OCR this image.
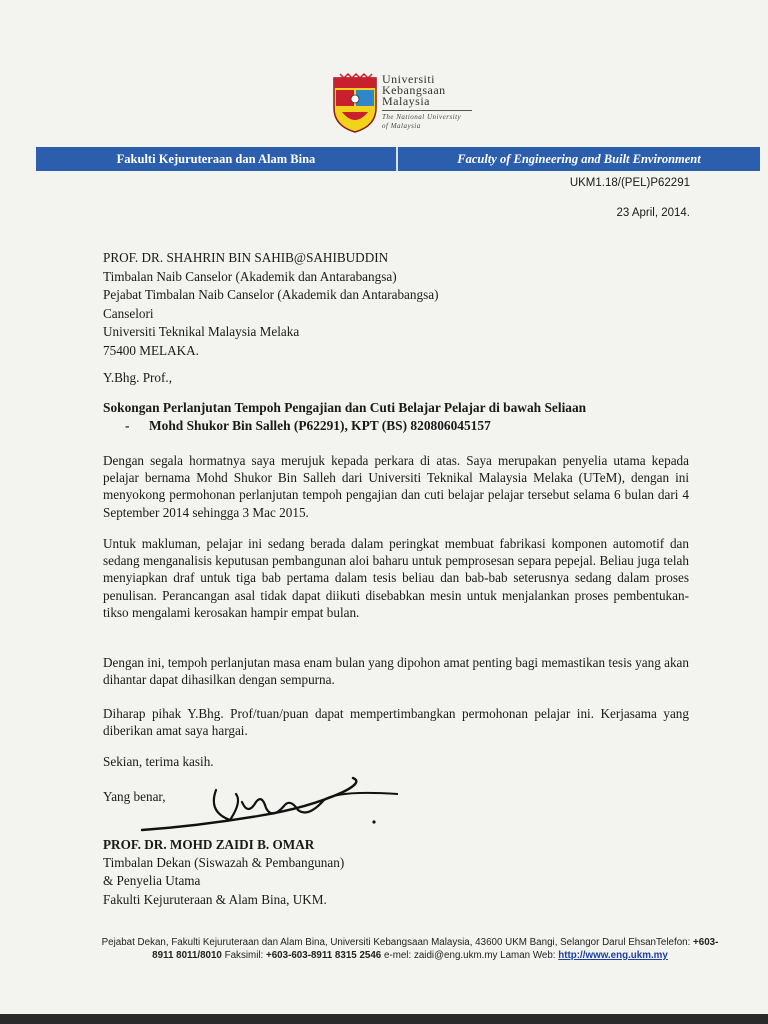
Universiti
Kebangsaan
Malaysia
The National University
of Malaysia
Fakulti Kejuruteraan dan Alam Bina	Faculty of Engineering and Built Environment
UKM1.18/(PEL)P62291
23 April, 2014.
PROF. DR. SHAHRIN BIN SAHIB@SAHIBUDDIN
Timbalan Naib Canselor (Akademik dan Antarabangsa)
Pejabat Timbalan Naib Canselor (Akademik dan Antarabangsa)
Canselori
Universiti Teknikal Malaysia Melaka
75400 MELAKA.
Y.Bhg. Prof.,
Sokongan Perlanjutan Tempoh Pengajian dan Cuti Belajar Pelajar di bawah Seliaan
- Mohd Shukor Bin Salleh (P62291), KPT (BS) 820806045157
Dengan segala hormatnya saya merujuk kepada perkara di atas. Saya merupakan penyelia utama kepada pelajar bernama Mohd Shukor Bin Salleh dari Universiti Teknikal Malaysia Melaka (UTeM), dengan ini menyokong permohonan perlanjutan tempoh pengajian dan cuti belajar pelajar tersebut selama 6 bulan dari 4 September 2014 sehingga 3 Mac 2015.
Untuk makluman, pelajar ini sedang berada dalam peringkat membuat fabrikasi komponen automotif dan sedang menganalisis keputusan pembangunan aloi baharu untuk pemprosesan separa pepejal. Beliau juga telah menyiapkan draf untuk tiga bab pertama dalam tesis beliau dan bab-bab seterusnya sedang dalam proses penulisan. Perancangan asal tidak dapat diikuti disebabkan mesin untuk menjalankan proses pembentukan-tikso mengalami kerosakan hampir empat bulan.
Dengan ini, tempoh perlanjutan masa enam bulan yang dipohon amat penting bagi memastikan tesis yang akan dihantar dapat dihasilkan dengan sempurna.
Diharap pihak Y.Bhg. Prof/tuan/puan dapat mempertimbangkan permohonan pelajar ini. Kerjasama yang diberikan amat saya hargai.
Sekian, terima kasih.
Yang benar,
PROF. DR. MOHD ZAIDI B. OMAR
Timbalan Dekan (Siswazah & Pembangunan)
& Penyelia Utama
Fakulti Kejuruteraan & Alam Bina, UKM.
Pejabat Dekan, Fakulti Kejuruteraan dan Alam Bina, Universiti Kebangsaan Malaysia, 43600 UKM Bangi, Selangor Darul EhsanTelefon: +603-8911 8011/8010 Faksimil: +603-603-8911 8315 2546 e-mel: zaidi@eng.ukm.my Laman Web: http://www.eng.ukm.my
